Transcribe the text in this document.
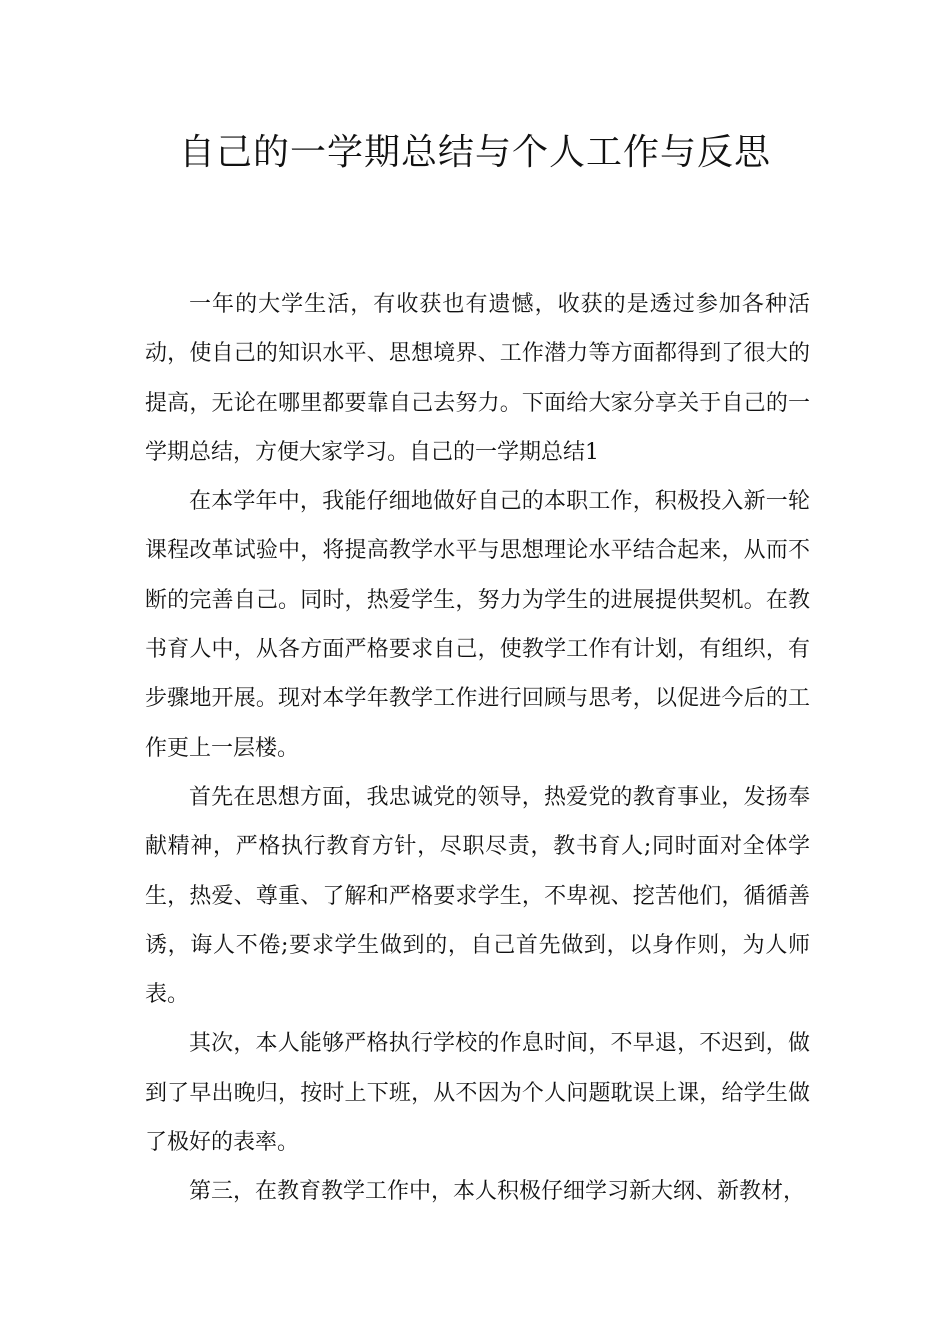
自己的一学期总结与个人工作与反思

一年的大学生活，有收获也有遗憾，收获的是透过参加各种活动，使自己的知识水平、思想境界、工作潜力等方面都得到了很大的提高，无论在哪里都要靠自己去努力。下面给大家分享关于自己的一学期总结，方便大家学习。自己的一学期总结1

在本学年中，我能仔细地做好自己的本职工作，积极投入新一轮课程改革试验中，将提高教学水平与思想理论水平结合起来，从而不断的完善自己。同时，热爱学生，努力为学生的进展提供契机。在教书育人中，从各方面严格要求自己，使教学工作有计划，有组织，有步骤地开展。现对本学年教学工作进行回顾与思考，以促进今后的工作更上一层楼。

首先在思想方面，我忠诚党的领导，热爱党的教育事业，发扬奉献精神，严格执行教育方针，尽职尽责，教书育人;同时面对全体学生，热爱、尊重、了解和严格要求学生，不卑视、挖苦他们，循循善诱，诲人不倦;要求学生做到的，自己首先做到，以身作则，为人师表。

其次，本人能够严格执行学校的作息时间，不早退，不迟到，做到了早出晚归，按时上下班，从不因为个人问题耽误上课，给学生做了极好的表率。

第三，在教育教学工作中，本人积极仔细学习新大纲、新教材，
